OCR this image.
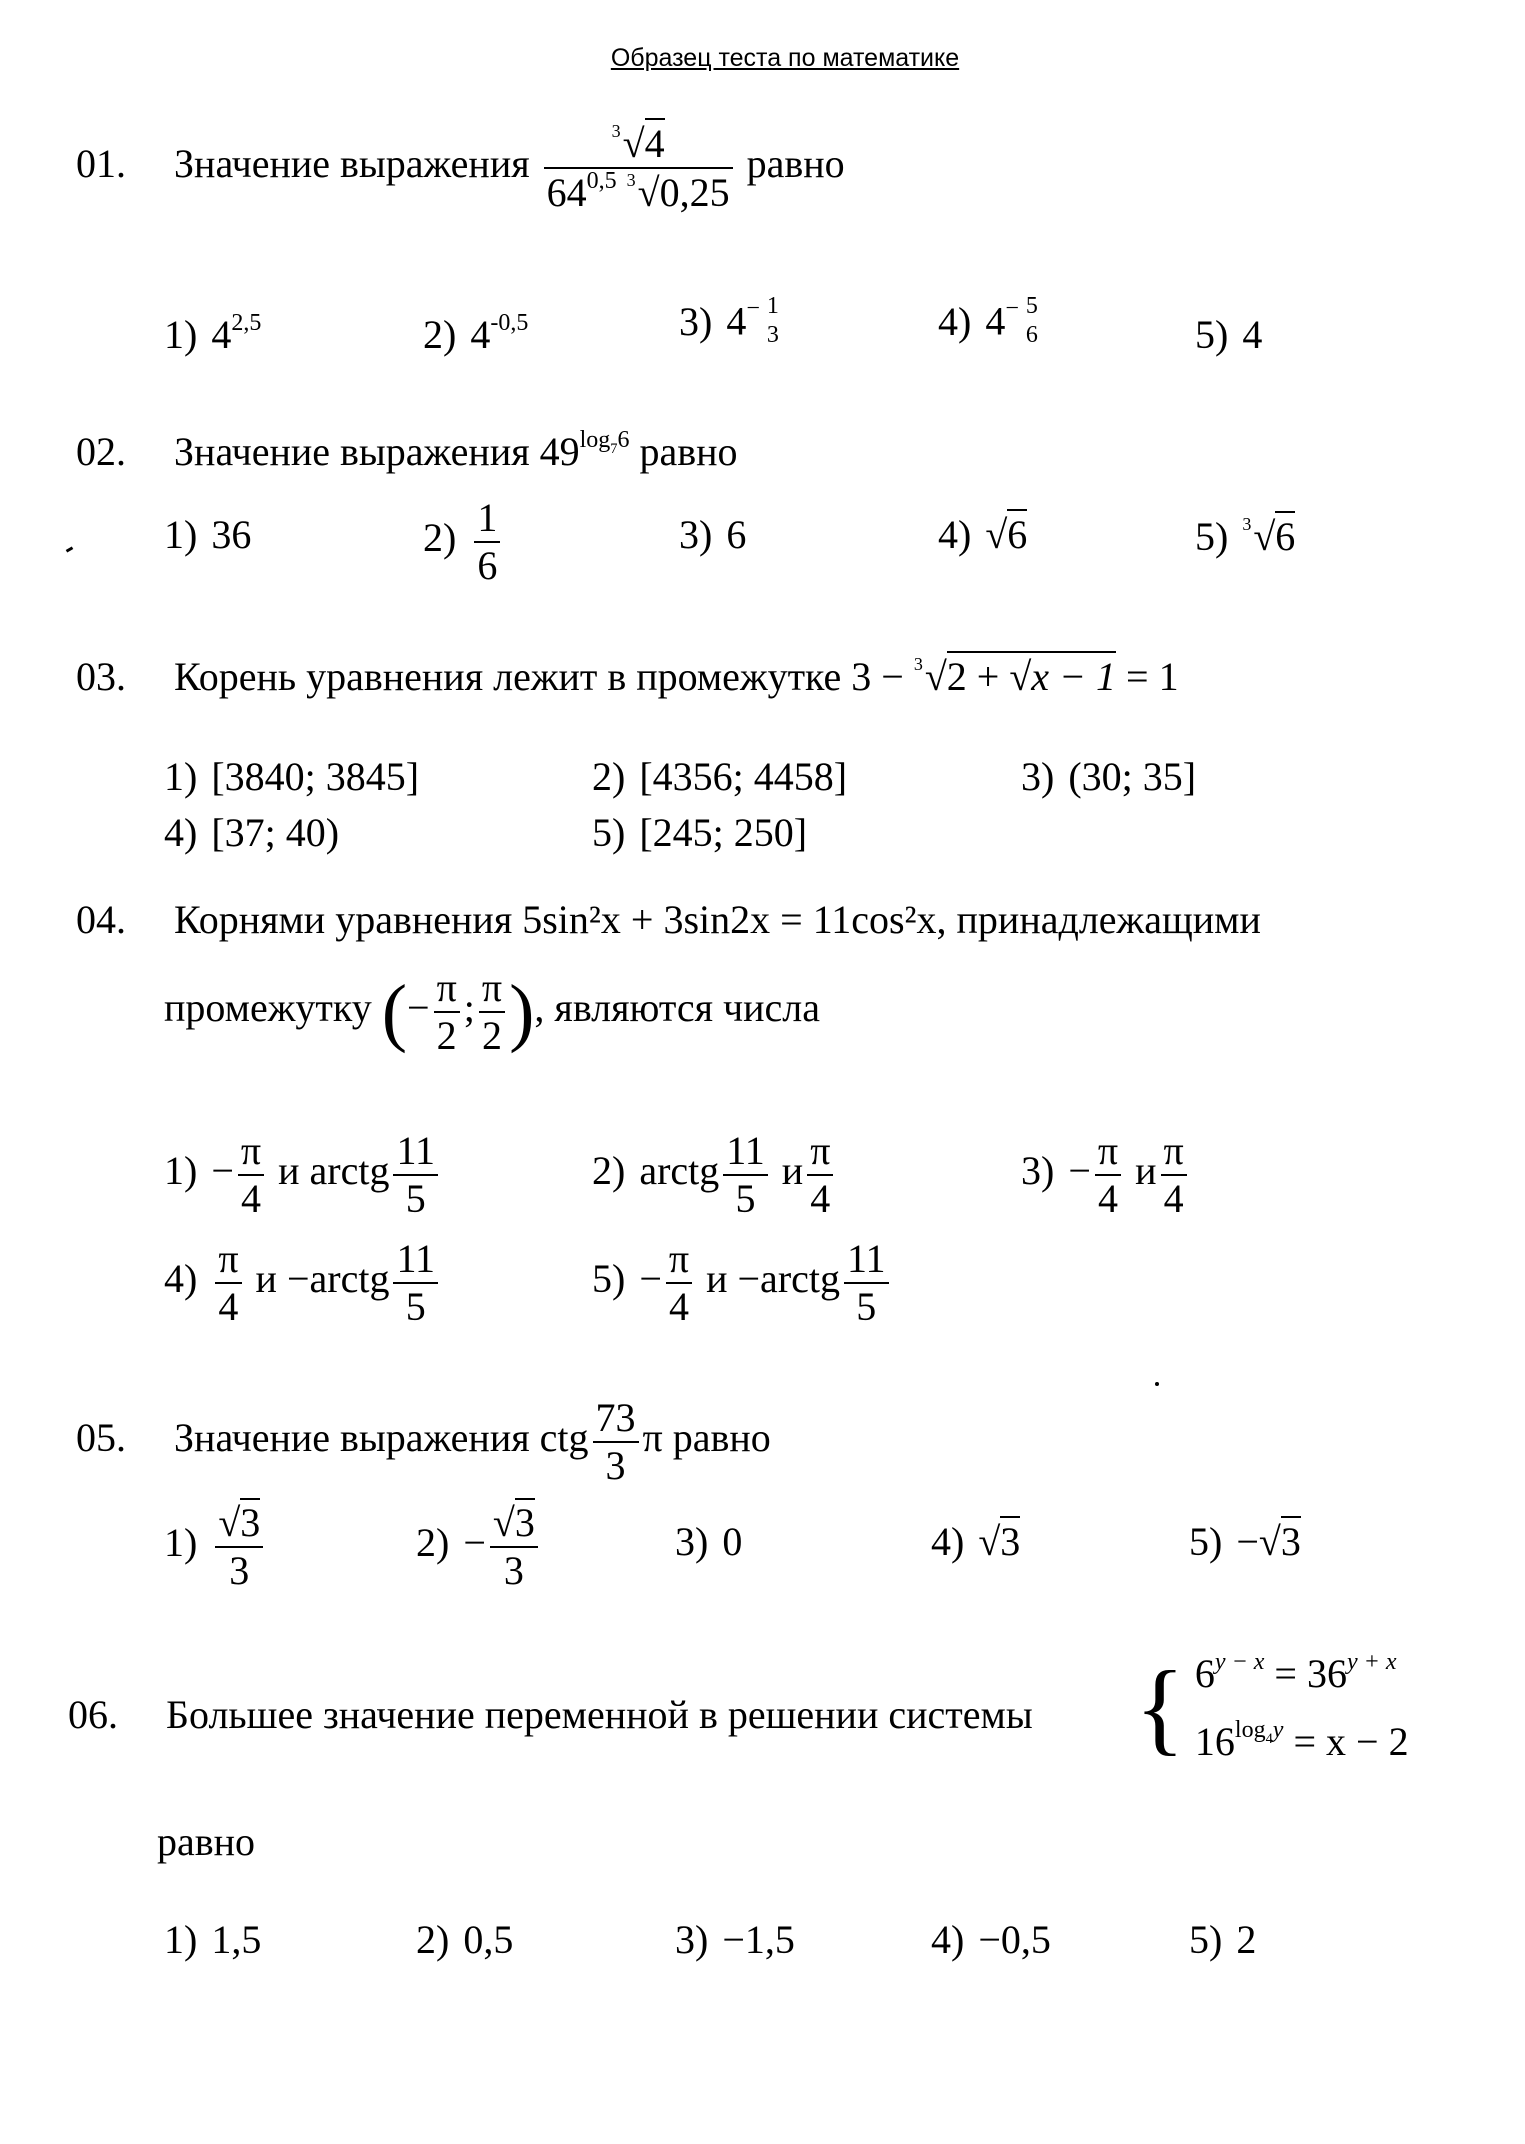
Образец теста по математике
01. Значение выражения $\frac{^3√4}{64^{0,5} ^3√0,25}$ равно
1) 4$^{2,5}$	2) $4^{-0,5}$	3) 4− 1
3	4) 4− 5
6	5) 4
02. Значение выражения $49^{log_76}$ равно
1) 36	$2) \frac{1}{6}$	3) 6	4) √6	5) $^3$√6
03. Корень уравнения лежит в промежутке 3 − $^3$√2 + √x − 1 = 1
1) [3840; 3845]	2) [4356; 4458]	3) (30; 35]
4) [37; 40)	5) [245; 250]
04. Корнями уравнения 5sin²x + 3sin2x = 11cos²x, принадлежащими
промежутку (− $\frac{\pi}{2}$ ; $\frac{\pi}{2}$ ), являются числа
$1) - \frac{\pi}{4}$ и arctg $\frac{11}{5}$	2) arctg $\frac{11}{5}$ и $\frac{\pi}{4}$	$3) - \frac{\pi}{4}$ и $\frac{\pi}{4}$
$4) \frac{\pi}{4}$ и −arctg $\frac{11}{5}$	$5) - \frac{\pi}{4}$ и −arctg $\frac{11}{5}$
05. Значение выражения ctg $\frac{73}{3}$ π равно
$1) \frac{√3}{3}$	$2) - \frac{√3}{3}$	3) 0	4) √3	5) −√3
06. Большее значение переменной в решении системы { $6^{y - x} = 36^{y + x}$
$16^{log_4y} = x - 2$
равно
1) 1,5	2) 0,5	3) −1,5	4) −0,5	5) 2
